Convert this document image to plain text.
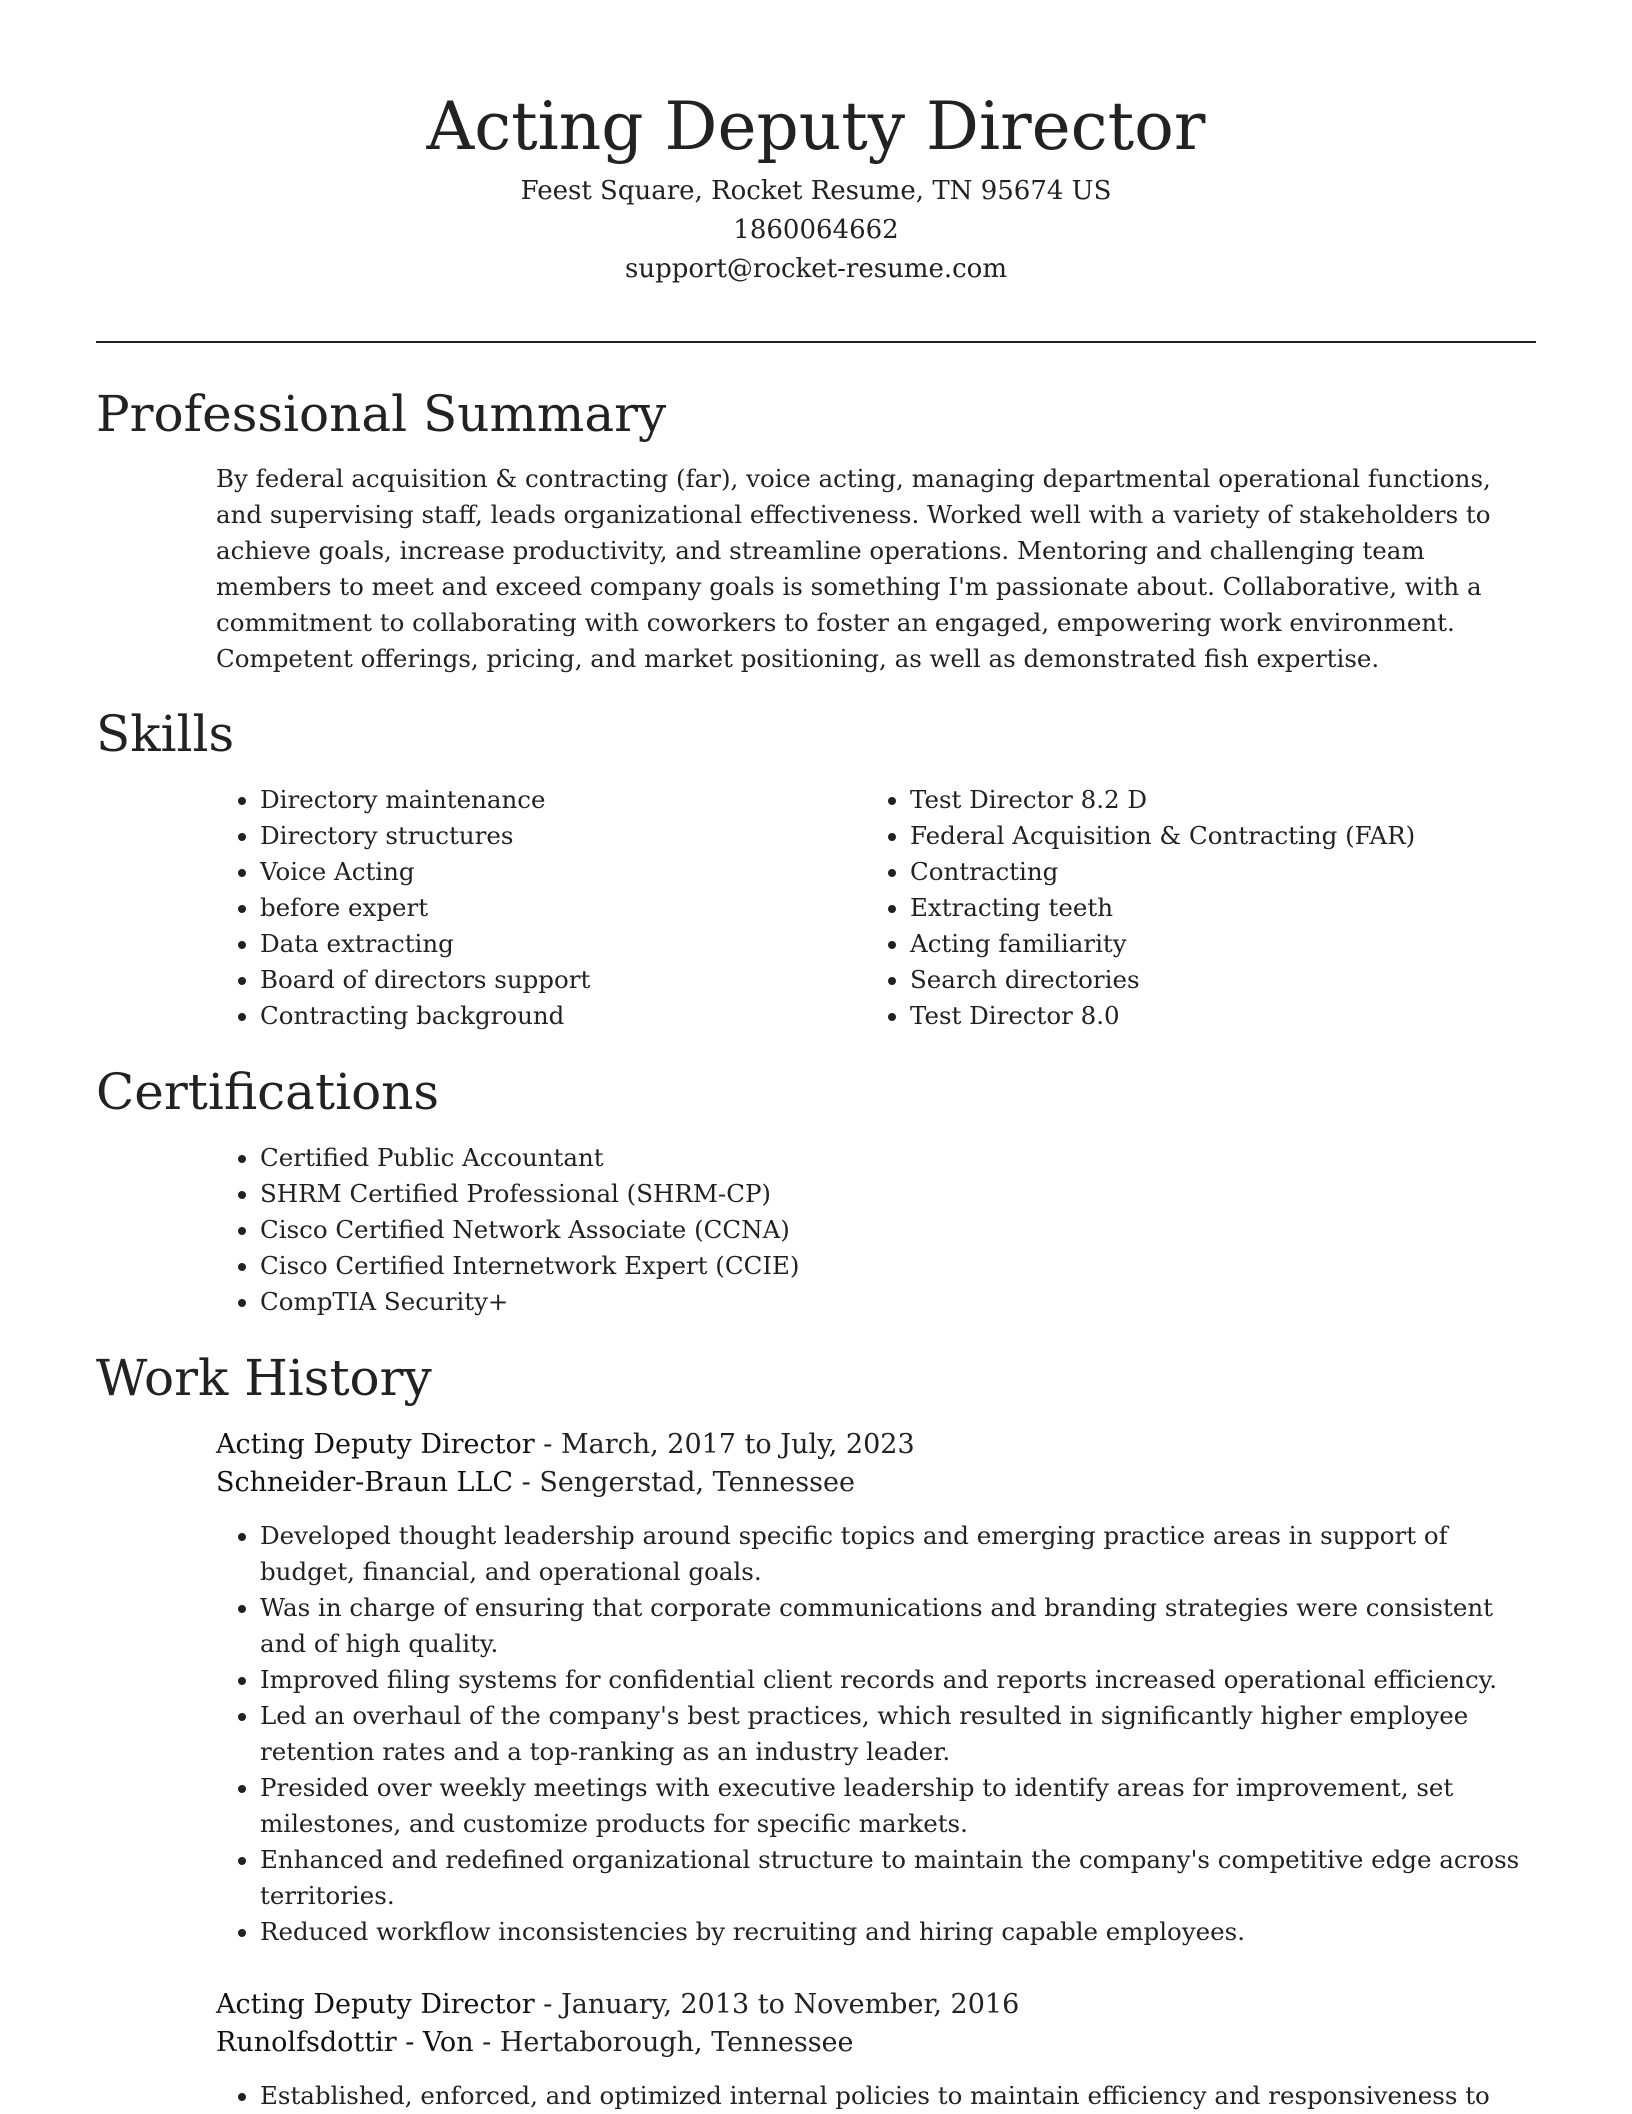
Acting Deputy Director

Feest Square, Rocket Resume, TN 95674 US

1860064662

support@rocket-resume.com

Professional Summary

By federal acquisition & contracting (far), voice acting, managing departmental operational functions, and supervising staff, leads organizational effectiveness. Worked well with a variety of stakeholders to achieve goals, increase productivity, and streamline operations. Mentoring and challenging team members to meet and exceed company goals is something I'm passionate about. Collaborative, with a commitment to collaborating with coworkers to foster an engaged, empowering work environment. Competent offerings, pricing, and market positioning, as well as demonstrated fish expertise.

Skills
• Directory maintenance
• Directory structures
• Voice Acting
• before expert
• Data extracting
• Board of directors support
• Contracting background
• Test Director 8.2 D
• Federal Acquisition & Contracting (FAR)
• Contracting
• Extracting teeth
• Acting familiarity
• Search directories
• Test Director 8.0
Certifications
• Certified Public Accountant
• SHRM Certified Professional (SHRM-CP)
• Cisco Certified Network Associate (CCNA)
• Cisco Certified Internetwork Expert (CCIE)
• CompTIA Security+
Work History

Acting Deputy Director - March, 2017 to July, 2023

Schneider-Braun LLC - Sengerstad, Tennessee

• Developed thought leadership around specific topics and emerging practice areas in support of budget, financial, and operational goals.
• Was in charge of ensuring that corporate communications and branding strategies were consistent and of high quality.
• Improved filing systems for confidential client records and reports increased operational efficiency.
• Led an overhaul of the company's best practices, which resulted in significantly higher employee retention rates and a top-ranking as an industry leader.
• Presided over weekly meetings with executive leadership to identify areas for improvement, set milestones, and customize products for specific markets.
• Enhanced and redefined organizational structure to maintain the company's competitive edge across territories.
• Reduced workflow inconsistencies by recruiting and hiring capable employees.

Acting Deputy Director - January, 2013 to November, 2016

Runolfsdottir - Von - Hertaborough, Tennessee

• Established, enforced, and optimized internal policies to maintain efficiency and responsiveness to
